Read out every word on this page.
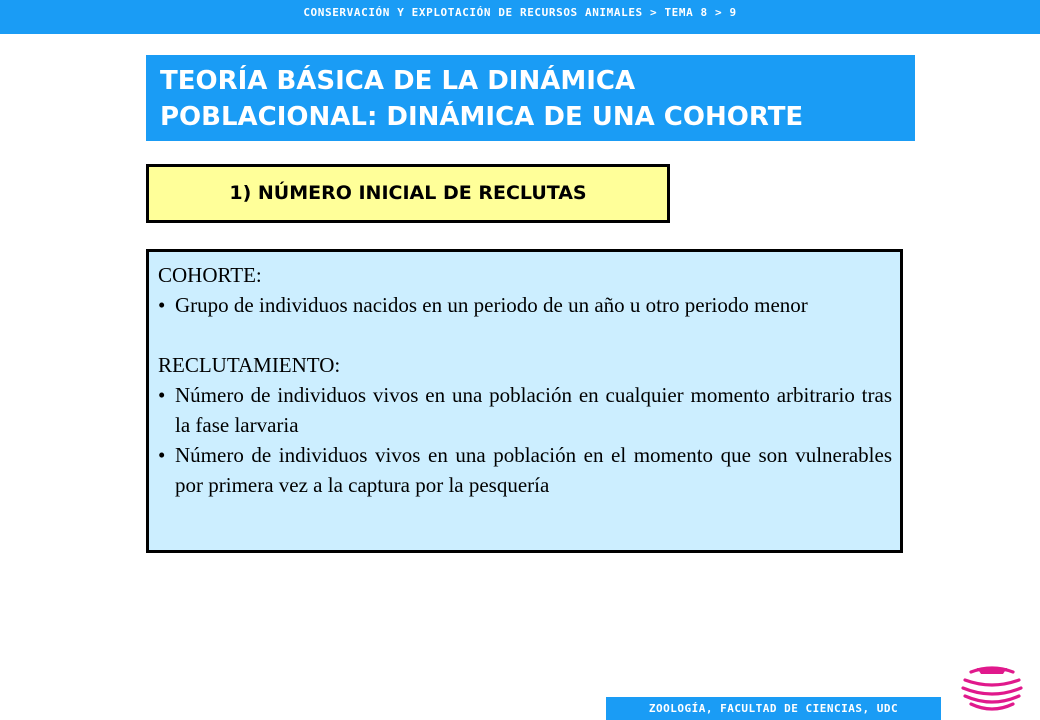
CONSERVACIÓN Y EXPLOTACIÓN DE RECURSOS ANIMALES > TEMA 8 > 9
TEORÍA BÁSICA DE LA DINÁMICA
POBLACIONAL: DINÁMICA DE UNA COHORTE
1) NÚMERO INICIAL DE RECLUTAS

COHORTE:

• Grupo de individuos nacidos en un periodo de un año u otro periodo menor

RECLUTAMIENTO:

• Número de individuos vivos en una población en cualquier momento arbitrario tras la fase larvaria
• Número de individuos vivos en una población en el momento que son vulnerables por primera vez a la captura por la pesquería
ZOOLOGÍA, FACULTAD DE CIENCIAS, UDC
